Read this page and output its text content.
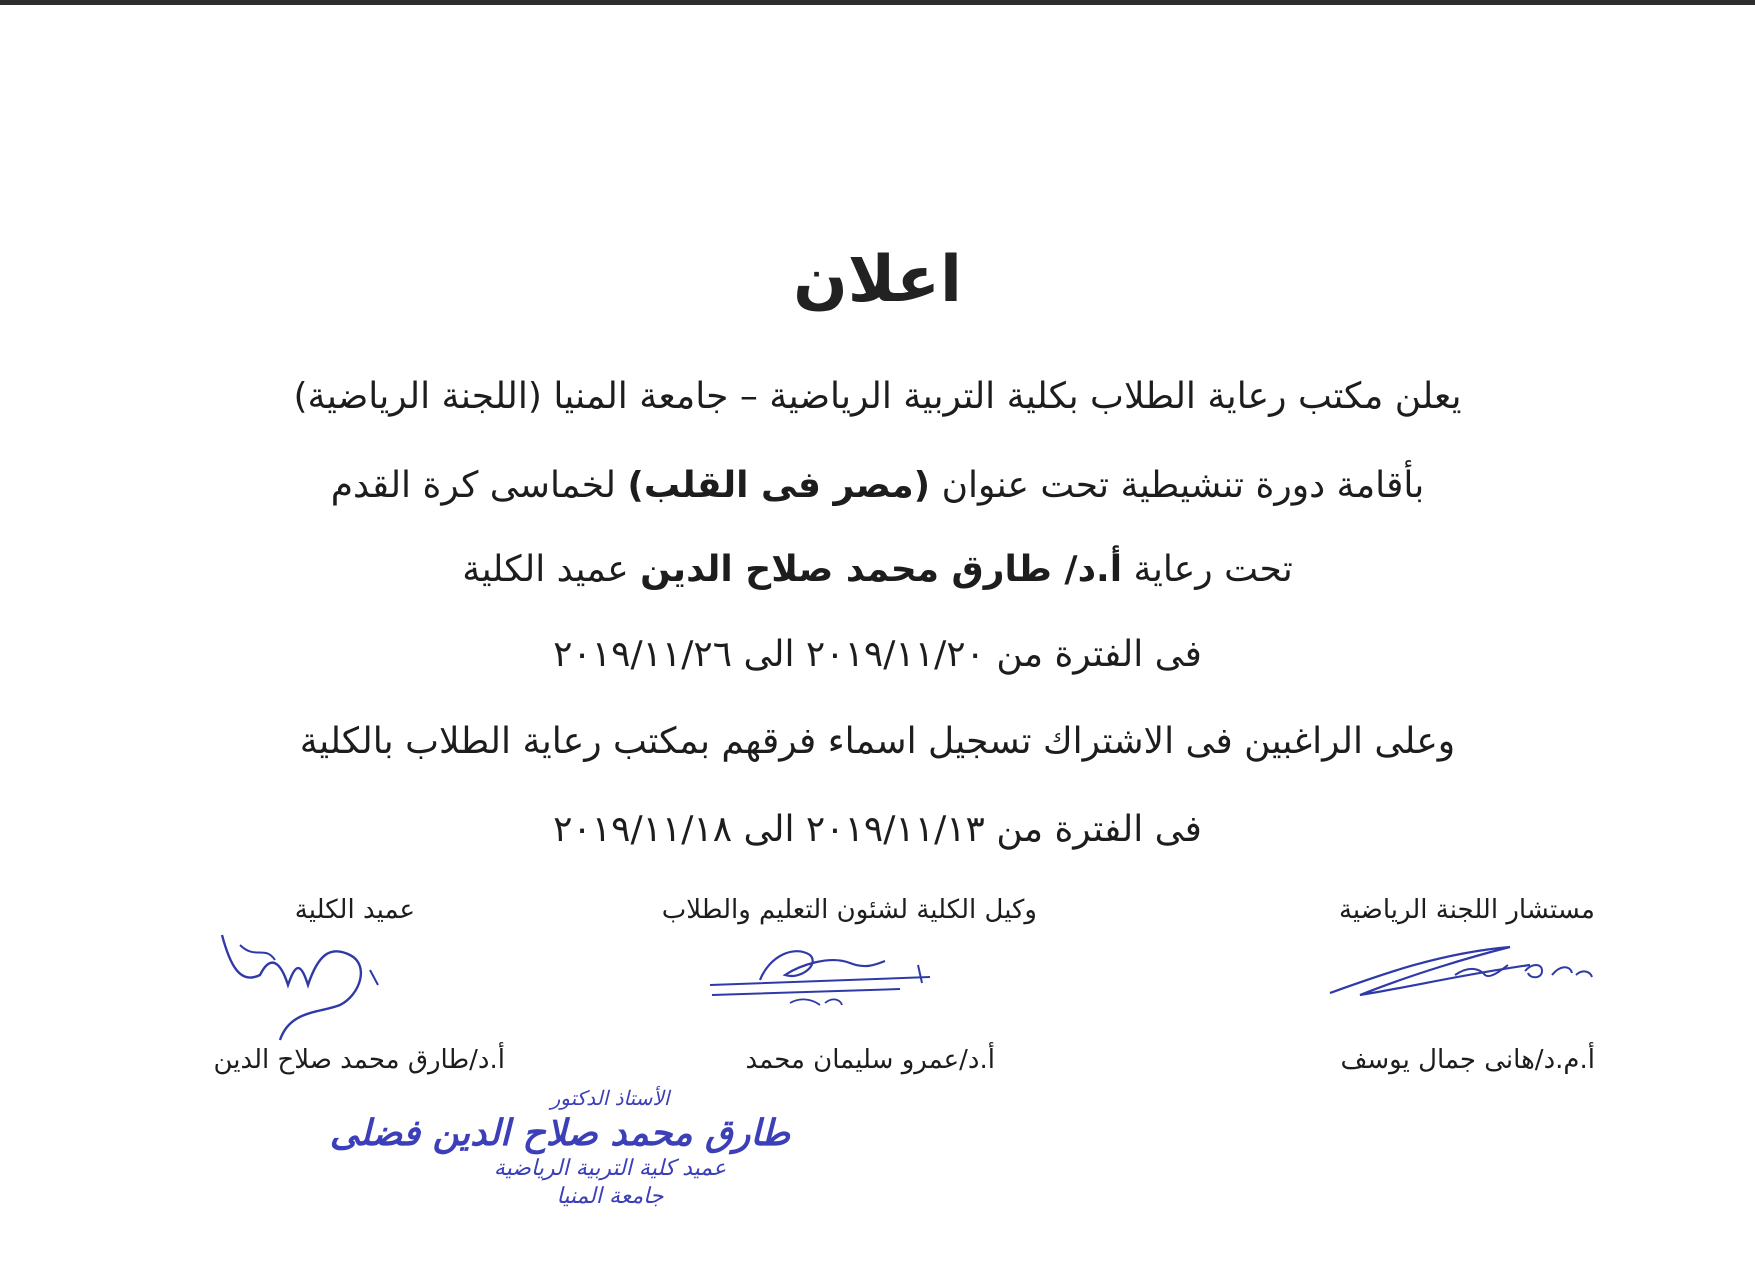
اعلان
يعلن مكتب رعاية الطلاب بكلية التربية الرياضية – جامعة المنيا (اللجنة الرياضية)
بأقامة دورة تنشيطية تحت عنوان (مصر فى القلب) لخماسى كرة القدم
تحت رعاية أ.د/ طارق محمد صلاح الدين عميد الكلية
فى الفترة من ٢٠١٩/١١/٢٠ الى ٢٠١٩/١١/٢٦
وعلى الراغبين فى الاشتراك تسجيل اسماء فرقهم بمكتب رعاية الطلاب بالكلية
فى الفترة من ٢٠١٩/١١/١٣ الى ٢٠١٩/١١/١٨
مستشار اللجنة الرياضية
وكيل الكلية لشئون التعليم والطلاب
عميد الكلية
أ.م.د/هانى جمال يوسف
أ.د/عمرو سليمان محمد
أ.د/طارق محمد صلاح الدين
الأستاذ الدكتور
طارق محمد صلاح الدين فضلى
عميد كلية التربية الرياضية
جامعة المنيا
